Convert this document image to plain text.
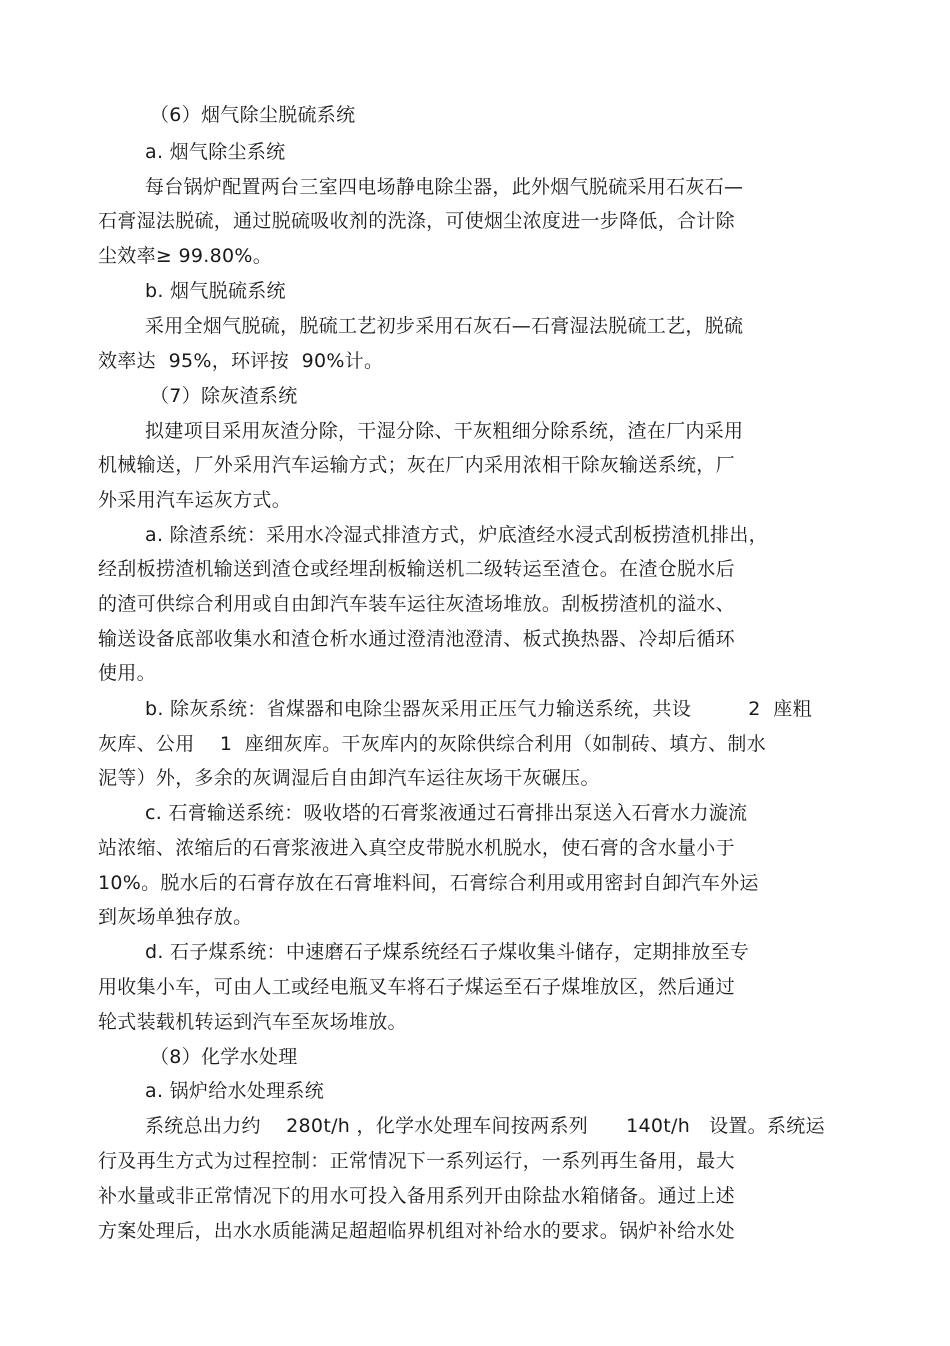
（6）烟气除尘脱硫系统
a. 烟气除尘系统
每台锅炉配置两台三室四电场静电除尘器，此外烟气脱硫采用石灰石—
石膏湿法脱硫，通过脱硫吸收剂的洗涤，可使烟尘浓度进一步降低，合计除
尘效率≥ 99.80%。
b. 烟气脱硫系统
采用全烟气脱硫，脱硫工艺初步采用石灰石—石膏湿法脱硫工艺，脱硫
效率达  95%，环评按  90%计。
（7）除灰渣系统
拟建项目采用灰渣分除，干湿分除、干灰粗细分除系统，渣在厂内采用
机械输送，厂外采用汽车运输方式；灰在厂内采用浓相干除灰输送系统，厂
外采用汽车运灰方式。
a. 除渣系统：采用水冷湿式排渣方式，炉底渣经水浸式刮板捞渣机排出，
经刮板捞渣机输送到渣仓或经埋刮板输送机二级转运至渣仓。在渣仓脱水后
的渣可供综合利用或自由卸汽车装车运往灰渣场堆放。刮板捞渣机的溢水、
输送设备底部收集水和渣仓析水通过澄清池澄清、板式换热器、冷却后循环
使用。
b. 除灰系统：省煤器和电除尘器灰采用正压气力输送系统，共设         2  座粗
灰库、公用    1  座细灰库。干灰库内的灰除供综合利用（如制砖、填方、制水
泥等）外，多余的灰调湿后自由卸汽车运往灰场干灰碾压。
c. 石膏输送系统：吸收塔的石膏浆液通过石膏排出泵送入石膏水力漩流
站浓缩、浓缩后的石膏浆液进入真空皮带脱水机脱水，使石膏的含水量小于
10%。脱水后的石膏存放在石膏堆料间，石膏综合利用或用密封自卸汽车外运
到灰场单独存放。
d. 石子煤系统：中速磨石子煤系统经石子煤收集斗储存，定期排放至专
用收集小车，可由人工或经电瓶叉车将石子煤运至石子煤堆放区，然后通过
轮式装载机转运到汽车至灰场堆放。
（8）化学水处理
a. 锅炉给水处理系统
系统总出力约    280t/h ，化学水处理车间按两系列      140t/h   设置。系统运
行及再生方式为过程控制：正常情况下一系列运行，一系列再生备用，最大
补水量或非正常情况下的用水可投入备用系列开由除盐水箱储备。通过上述
方案处理后，出水水质能满足超超临界机组对补给水的要求。锅炉补给水处
